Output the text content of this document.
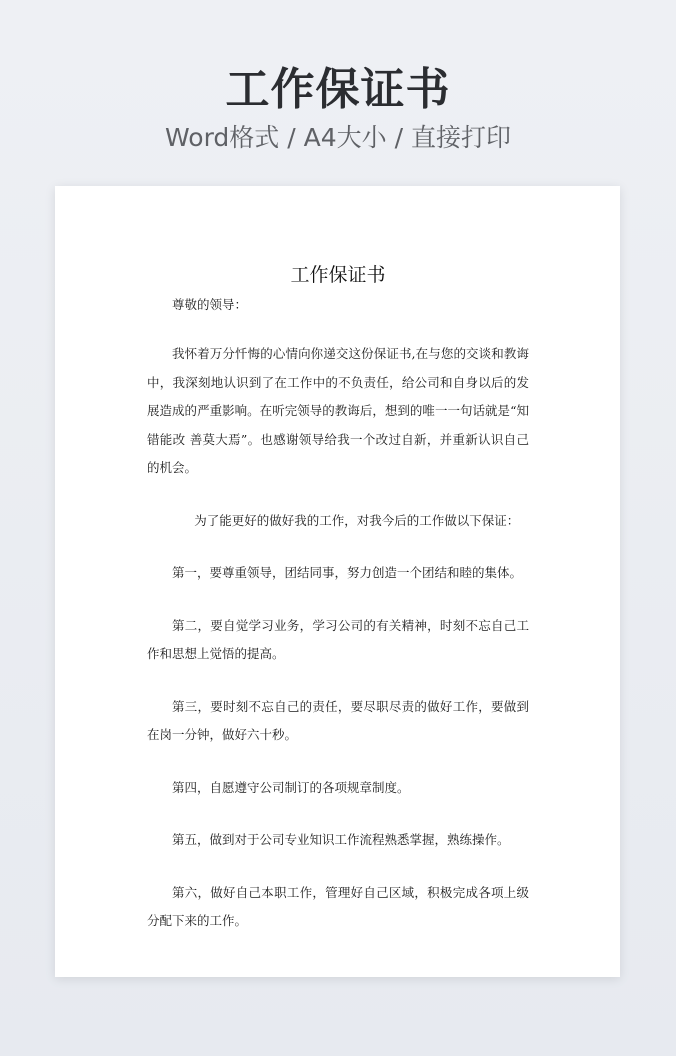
工作保证书
Word格式 / A4大小 / 直接打印

工作保证书

尊敬的领导：

我怀着万分忏悔的心情向你递交这份保证书,在与您的交谈和教诲中，我深刻地认识到了在工作中的不负责任，给公司和自身以后的发展造成的严重影响。在听完领导的教诲后，想到的唯一一句话就是“知错能改 善莫大焉”。也感谢领导给我一个改过自新，并重新认识自己的机会。

为了能更好的做好我的工作，对我今后的工作做以下保证：

第一，要尊重领导，团结同事，努力创造一个团结和睦的集体。

第二，要自觉学习业务，学习公司的有关精神，时刻不忘自己工作和思想上觉悟的提高。

第三，要时刻不忘自己的责任，要尽职尽责的做好工作，要做到在岗一分钟，做好六十秒。

第四，自愿遵守公司制订的各项规章制度。

第五，做到对于公司专业知识工作流程熟悉掌握，熟练操作。

第六，做好自己本职工作，管理好自己区域，积极完成各项上级分配下来的工作。
